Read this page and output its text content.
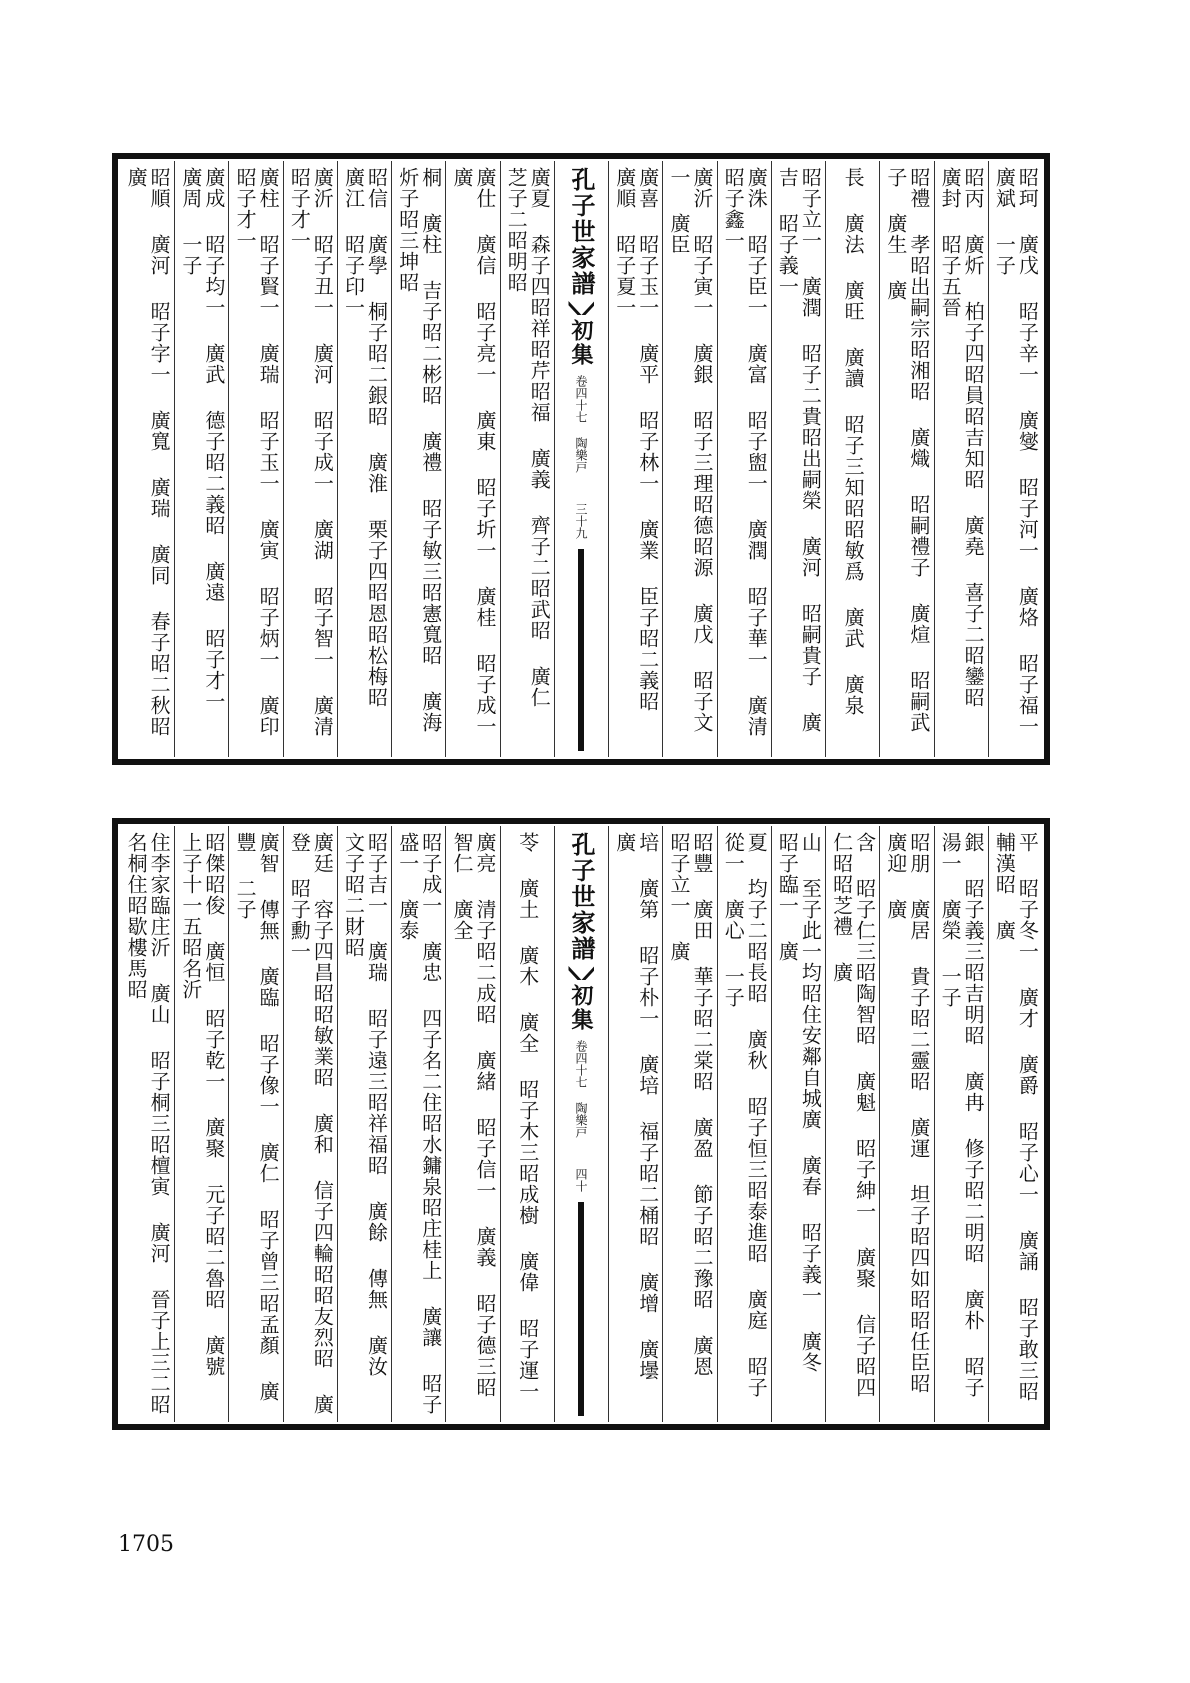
昭順 廣河 昭子字一 廣寬 廣瑞 廣同 春子昭二秋昭 廣	廣成 昭子均一 廣武 德子昭二義昭 廣遠 昭子才一 廣周 一子	廣柱 昭子賢一 廣瑞 昭子玉一 廣寅 昭子炳一 廣印 昭子才一	廣沂 昭子丑一 廣河 昭子成一 廣湖 昭子智一 廣清 昭子才一	昭信 廣學 桐子昭二銀昭 廣淮 栗子四昭恩昭松梅昭 廣江 昭子印一	桐 廣柱 吉子昭二彬昭 廣禮 昭子敏三昭憲寬昭 廣海 炘子昭三坤昭	廣仕 廣信 昭子亮一 廣東 昭子圻一 廣桂 昭子成一 廣	廣夏 森子四昭祥昭芹昭福 廣義 齊子二昭武昭 廣仁 芝子二昭明昭	孔子世家譜
初集
卷四十七 陶樂戸
三十九	廣喜 昭子玉一 廣平 昭子林一 廣業 臣子昭二義昭 廣順 昭子夏一	廣沂 昭子寅一 廣銀 昭子三理昭德昭源 廣戊 昭子文一 廣臣	廣洙 昭子臣一 廣富 昭子盥一 廣潤 昭子華一 廣清 昭子鑫一	昭子立一 廣潤 昭子二貴昭出嗣榮 廣河 昭嗣貴子 廣吉 昭子義一	長 廣法 廣旺 廣讀 昭子三知昭昭敏爲 廣武 廣泉	昭禮 孝昭出嗣宗昭湘昭 廣熾 昭嗣禮子 廣煊 昭嗣武子 廣生 廣	昭丙 廣炘 柏子四昭員昭吉知昭 廣堯 喜子二昭鑾昭 廣封 昭子五晉	昭珂 廣戊 昭子辛一 廣燮 昭子河一 廣烙 昭子福一 廣斌 一子
住李家臨庄沂 廣山 昭子桐三昭檀寅 廣河 晉子上三二昭名桐住昭歇樓馬昭	昭傑昭俊 廣恒 昭子乾一 廣聚 元子昭二魯昭 廣號 上子十一五昭名沂	廣智 傳無 廣臨 昭子像一 廣仁 昭子曾三昭孟顏 廣豐 二子	廣廷 容子四昌昭昭敏業昭 廣和 信子四輪昭昭友烈昭 廣登 昭子勳一	昭子吉一 廣瑞 昭子遠三昭祥福昭 廣餘 傳無 廣汝 文子昭二財昭	昭子成一 廣忠 四子名二住昭水鏞泉昭庄桂上 廣讓 昭子盛一 廣泰	廣亮 清子昭二成昭 廣緒 昭子信一 廣義 昭子德三昭智仁 廣全	苓 廣土 廣木 廣全 昭子木三昭成樹 廣偉 昭子運一 孔子世家譜
初集
卷四十七 陶樂戸
四十	培 廣第 昭子朴一 廣培 福子昭二桶昭 廣增 廣壜 廣	昭豐 廣田 華子昭二棠昭 廣盈 節子昭二豫昭 廣恩 昭子立一 廣	夏 均子二昭長昭 廣秋 昭子恒三昭泰進昭 廣庭 昭子從一 廣心 一子	山 至子此一均昭住安鄰自城廣 廣春 昭子義一 廣冬 昭子臨一 廣	含 昭子仁三昭陶智昭 廣魁 昭子紳一 廣聚 信子昭四仁昭昭芝禮 廣	昭朋 廣居 貴子昭二靈昭 廣運 坦子昭四如昭昭任臣昭 廣迎 廣	銀 昭子義三昭吉明昭 廣冉 修子昭二明昭 廣朴 昭子湯一 廣榮 一子	平 昭子冬一 廣才 廣爵 昭子心一 廣誦 昭子敢三昭輔漢昭 廣
1705
